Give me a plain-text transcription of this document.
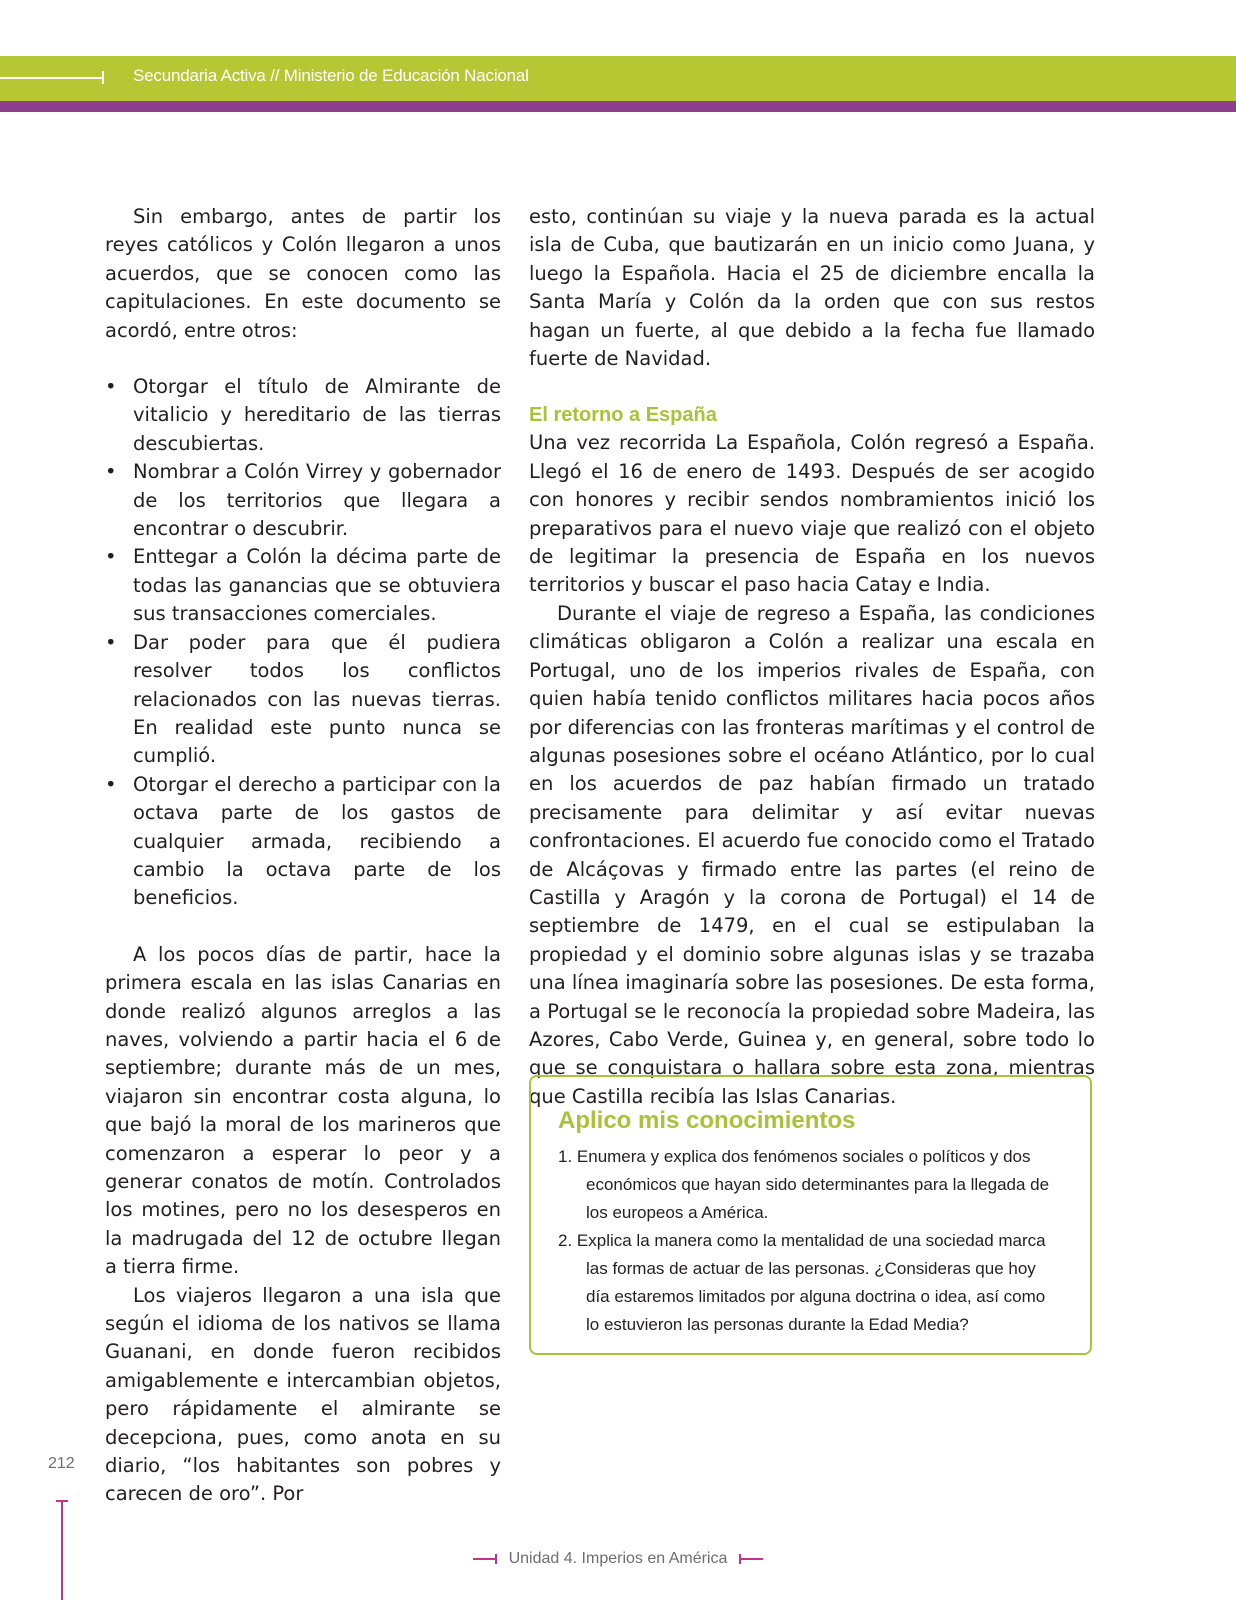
Secundaria Activa // Ministerio de Educación Nacional

Sin embargo, antes de partir los reyes católicos y Colón llegaron a unos acuerdos, que se conocen como las capitulaciones. En este documento se acordó, entre otros:

• Otorgar el título de Almirante de vitalicio y hereditario de las tierras descubiertas.
• Nombrar a Colón Virrey y gobernador de los territorios que llegara a encontrar o descubrir.
• Enttegar a Colón la décima parte de todas las ganancias que se obtuviera sus transacciones comerciales.
• Dar poder para que él pudiera resolver todos los conflictos relacionados con las nuevas tierras. En realidad este punto nunca se cumplió.
• Otorgar el derecho a participar con la octava parte de los gastos de cualquier armada, recibiendo a cambio la octava parte de los beneficios.

A los pocos días de partir, hace la primera escala en las islas Canarias en donde realizó algunos arreglos a las naves, volviendo a partir hacia el 6 de septiembre; durante más de un mes, viajaron sin encontrar costa alguna, lo que bajó la moral de los marineros que comenzaron a esperar lo peor y a generar conatos de motín. Controlados los motines, pero no los desesperos en la madrugada del 12 de octubre llegan a tierra firme.

Los viajeros llegaron a una isla que según el idioma de los nativos se llama Guanani, en donde fueron recibidos amigablemente e intercambian objetos, pero rápidamente el almirante se decepciona, pues, como anota en su diario, “los habitantes son pobres y carecen de oro”. Por

esto, continúan su viaje y la nueva parada es la actual isla de Cuba, que bautizarán en un inicio como Juana, y luego la Española. Hacia el 25 de diciembre encalla la Santa María y Colón da la orden que con sus restos hagan un fuerte, al que debido a la fecha fue llamado fuerte de Navidad.

El retorno a España

Una vez recorrida La Española, Colón regresó a España. Llegó el 16 de enero de 1493. Después de ser acogido con honores y recibir sendos nombramientos inició los preparativos para el nuevo viaje que realizó con el objeto de legitimar la presencia de España en los nuevos territorios y buscar el paso hacia Catay e India.

Durante el viaje de regreso a España, las condiciones climáticas obligaron a Colón a realizar una escala en Portugal, uno de los imperios rivales de España, con quien había tenido conflictos militares hacia pocos años por diferencias con las fronteras marítimas y el control de algunas posesiones sobre el océano Atlántico, por lo cual en los acuerdos de paz habían firmado un tratado precisamente para delimitar y así evitar nuevas confrontaciones. El acuerdo fue conocido como el Tratado de Alcáçovas y firmado entre las partes (el reino de Castilla y Aragón y la corona de Portugal) el 14 de septiembre de 1479, en el cual se estipulaban la propiedad y el dominio sobre algunas islas y se trazaba una línea imaginaría sobre las posesiones. De esta forma, a Portugal se le reconocía la propiedad sobre Madeira, las Azores, Cabo Verde, Guinea y, en general, sobre todo lo que se conquistara o hallara sobre esta zona, mientras que Castilla recibía las Islas Canarias.

Aplico mis conocimientos
1. Enumera y explica dos fenómenos sociales o políticos y dos económicos que hayan sido determinantes para la llegada de los europeos a América.
2. Explica la manera como la mentalidad de una sociedad marca las formas de actuar de las personas. ¿Consideras que hoy día estaremos limitados por alguna doctrina o idea, así como lo estuvieron las personas durante la Edad Media?
212
Unidad 4. Imperios en América
